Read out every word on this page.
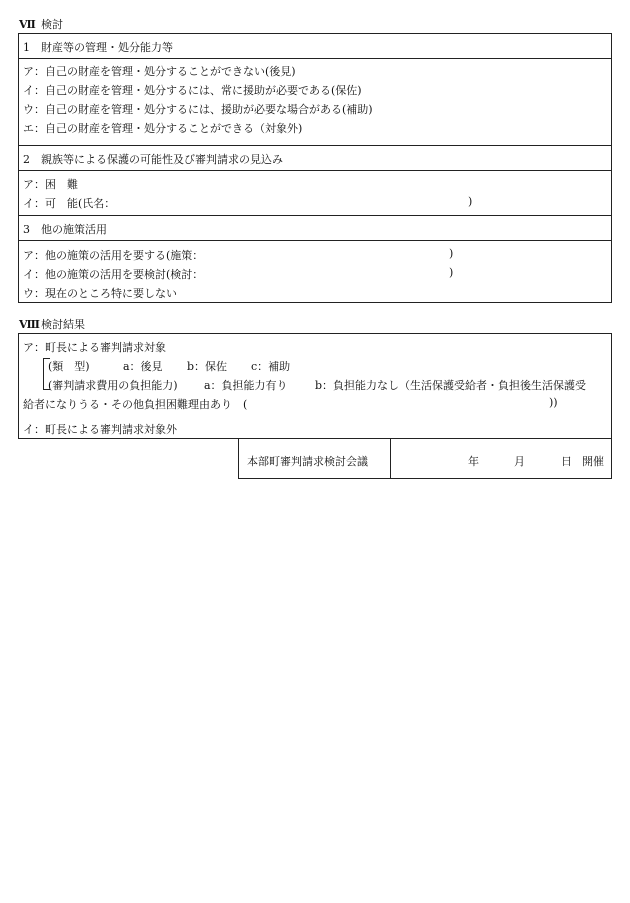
Ⅶ 検討
1　財産等の管理・処分能力等
ア：自己の財産を管理・処分することができない(後見)
イ：自己の財産を管理・処分するには、常に援助が必要である(保佐)
ウ：自己の財産を管理・処分するには、援助が必要な場合がある(補助)
エ：自己の財産を管理・処分することができる（対象外)
2　親族等による保護の可能性及び審判請求の見込み
ア：困　難
イ：可　能(氏名：	)
3　他の施策活用
ア：他の施策の活用を要する(施策：	)
イ：他の施策の活用を要検討(検討：	)
ウ：現在のところ特に要しない
Ⅷ検討結果
ア：町長による審判請求対象
(類　型)	a：後見 b：保佐 c：補助
(審判請求費用の負担能力) a：負担能力有り b：負担能力なし（生活保護受給者・負担後生活保護受
給者になりうる・その他負担困難理由あり　(	))
イ：町長による審判請求対象外
本部町審判請求検討会議	年	月	日 開催
